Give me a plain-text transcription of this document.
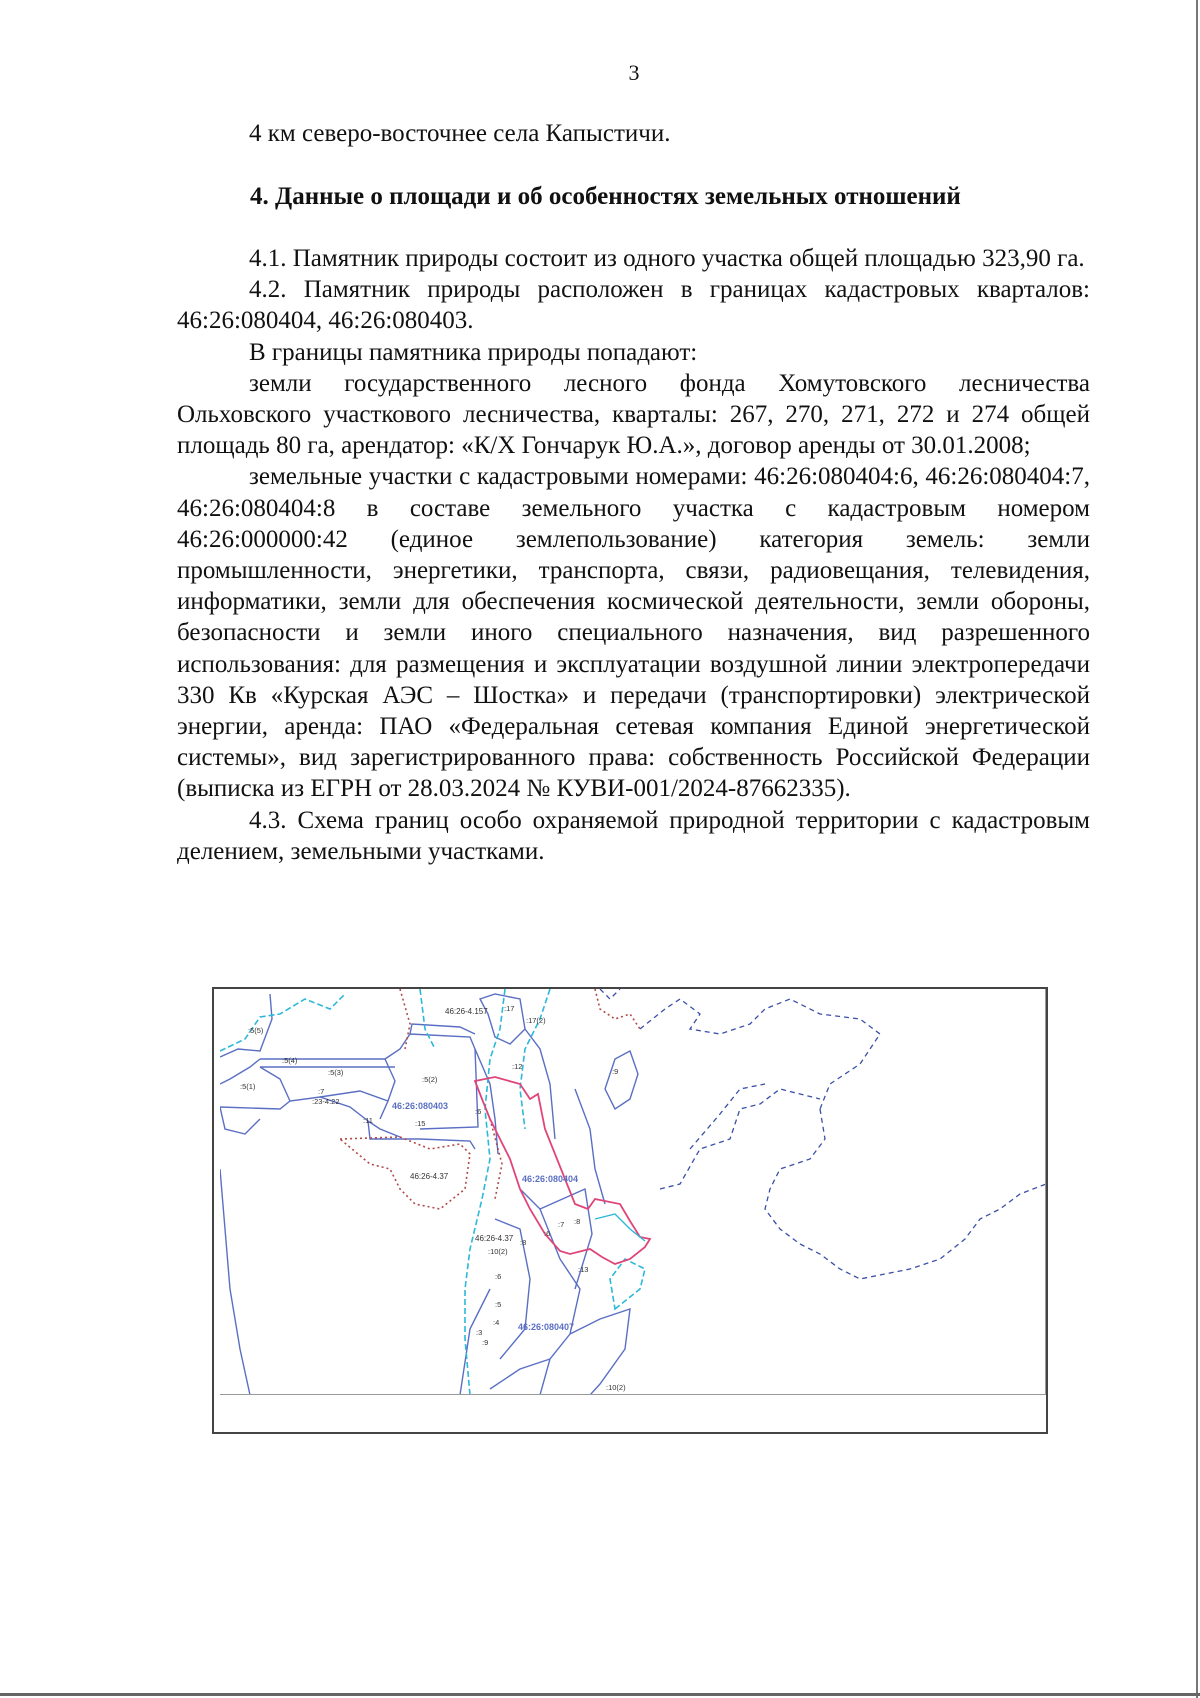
3

4 км северо-восточнее села Капыстичи.

4. Данные о площади и об особенностях земельных отношений

4.1. Памятник природы состоит из одного участка общей площадью 323,90 га.

4.2. Памятник природы расположен в границах кадастровых кварталов: 46:26:080404, 46:26:080403.

В границы памятника природы попадают:

земли государственного лесного фонда Хомутовского лесничества Ольховского участкового лесничества, кварталы: 267, 270, 271, 272 и 274 общей площадь 80 га, арендатор: «К/Х Гончарук Ю.А.», договор аренды от 30.01.2008;

земельные участки с кадастровыми номерами: 46:26:080404:6, 46:26:080404:7, 46:26:080404:8 в составе земельного участка с кадастровым номером 46:26:000000:42 (единое землепользование) категория земель: земли промышленности, энергетики, транспорта, связи, радиовещания, телевидения, информатики, земли для обеспечения космической деятельности, земли обороны, безопасности и земли иного специального назначения, вид разрешенного использования: для размещения и эксплуатации воздушной линии электропередачи 330 Кв «Курская АЭС – Шостка» и передачи (транспортировки) электрической энергии, аренда: ПАО «Федеральная сетевая компания Единой энергетической системы», вид зарегистрированного права: собственность Российской Федерации (выписка из ЕГРН от 28.03.2024 № КУВИ-001/2024-87662335).

4.3. Схема границ особо охраняемой природной территории с кадастровым делением, земельными участками.

46:26:080403
46:26:080404
46:26:080407
46:26-4.157
46:26-4.37
46:26-4.37
:5(5)
:5(4)
:5(3)
:5(2)
:5(1)
:7
:23-4:22
:11	:15
:17
:17(2)
:12
:9
:6
:7 :8
:6
:8
:10(2)
:13
:6
:5
:4
:3
:9
:10(2)
